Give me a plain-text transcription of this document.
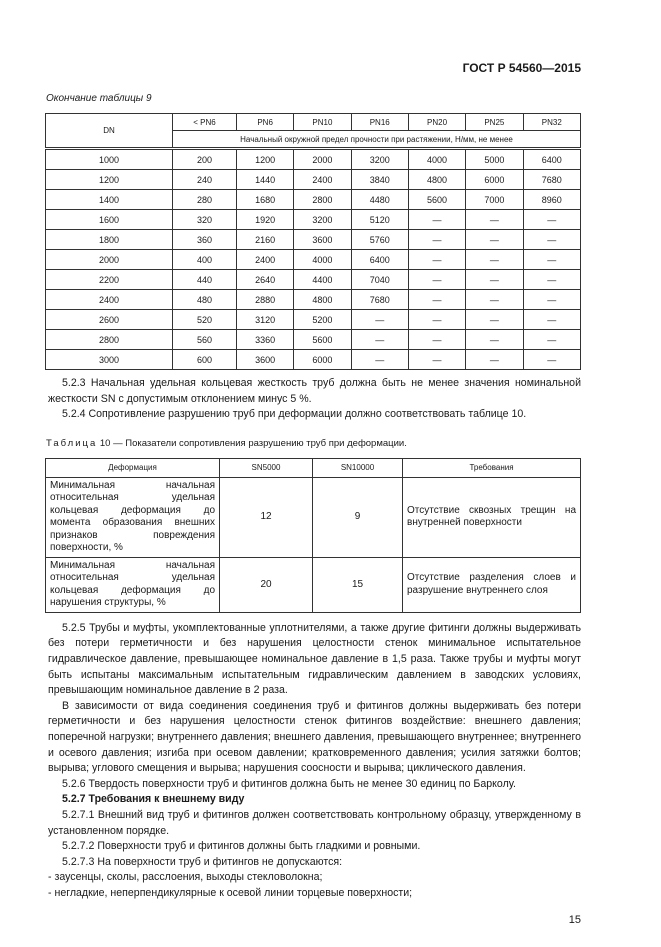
ГОСТ Р 54560—2015
Окончание таблицы 9
DN	< PN6	PN6	PN10	PN16	PN20	PN25	PN32
	Начальный окружной предел прочности при растяжении, Н/мм, не менее						
1000	200	1200	2000	3200	4000	5000	6400
1200	240	1440	2400	3840	4800	6000	7680
1400	280	1680	2800	4480	5600	7000	8960
1600	320	1920	3200	5120	—	—	—
1800	360	2160	3600	5760	—	—	—
2000	400	2400	4000	6400	—	—	—
2200	440	2640	4400	7040	—	—	—
2400	480	2880	4800	7680	—	—	—
2600	520	3120	5200	—	—	—	—
2800	560	3360	5600	—	—	—	—
3000	600	3600	6000	—	—	—	—
5.2.3 Начальная удельная кольцевая жесткость труб должна быть не менее значения номинальной жесткости SN с допустимым отклонением минус 5 %.
5.2.4 Сопротивление разрушению труб при деформации должно соответствовать таблице 10.
Таблица 10 — Показатели сопротивления разрушению труб при деформации.
Деформация	SN5000	SN10000	Требования
Минимальная начальная относительная удельная кольцевая деформация до момента образования внешних признаков повреждения поверхности, %	12	9	Отсутствие сквозных трещин на внутренней поверхности
Минимальная начальная относительная удельная кольцевая деформация до нарушения структуры, %	20	15	Отсутствие разделения слоев и разрушение внутреннего слоя
5.2.5 Трубы и муфты, укомплектованные уплотнителями, а также другие фитинги должны выдерживать без потери герметичности и без нарушения целостности стенок минимальное испытательное гидравлическое давление, превышающее номинальное давление в 1,5 раза. Также трубы и муфты могут быть испытаны максимальным испытательным гидравлическим давлением в заводских условиях, превышающим номинальное давление в 2 раза.
В зависимости от вида соединения соединения труб и фитингов должны выдерживать без потери герметичности и без нарушения целостности стенок фитингов воздействие: внешнего давления; поперечной нагрузки; внутреннего давления; внешнего давления, превышающего внутреннее; внутреннего и осевого давления; изгиба при осевом давлении; кратковременного давления; усилия затяжки болтов; вырыва; углового смещения и вырыва; нарушения соосности и вырыва; циклического давления.
5.2.6 Твердость поверхности труб и фитингов должна быть не менее 30 единиц по Барколу.
5.2.7 Требования к внешнему виду
5.2.7.1 Внешний вид труб и фитингов должен соответствовать контрольному образцу, утвержденному в установленном порядке.
5.2.7.2 Поверхности труб и фитингов должны быть гладкими и ровными.
5.2.7.3 На поверхности труб и фитингов не допускаются:
- заусенцы, сколы, расслоения, выходы стекловолокна;
- негладкие, неперпендикулярные к осевой линии торцевые поверхности;
15
